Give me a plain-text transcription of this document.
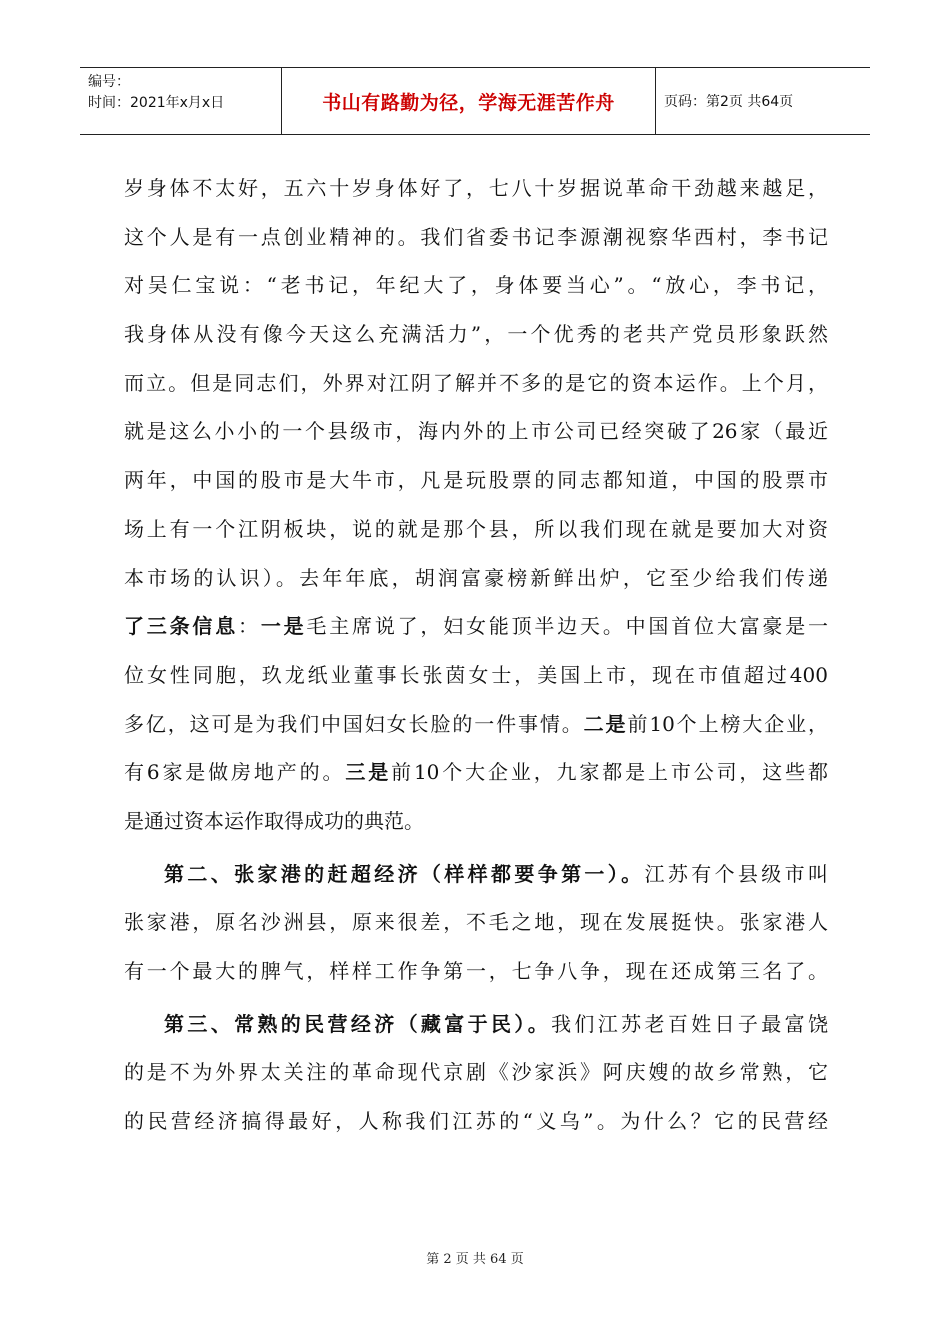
编号：
时间：2021年x月x日	书山有路勤为径，学海无涯苦作舟	页码：第2页 共64页
岁身体不太好，五六十岁身体好了，七八十岁据说革命干劲越来越足，
这个人是有一点创业精神的。我们省委书记李源潮视察华西村，李书记
对吴仁宝说：“老书记，年纪大了，身体要当心”。“放心，李书记，
我身体从没有像今天这么充满活力”，一个优秀的老共产党员形象跃然
而立。但是同志们，外界对江阴了解并不多的是它的资本运作。上个月，
就是这么小小的一个县级市，海内外的上市公司已经突破了26家（最近
两年，中国的股市是大牛市，凡是玩股票的同志都知道，中国的股票市
场上有一个江阴板块，说的就是那个县，所以我们现在就是要加大对资
本市场的认识）。去年年底，胡润富豪榜新鲜出炉，它至少给我们传递
了三条信息：一是毛主席说了，妇女能顶半边天。中国首位大富豪是一
位女性同胞，玖龙纸业董事长张茵女士，美国上市，现在市值超过400
多亿，这可是为我们中国妇女长脸的一件事情。二是前10个上榜大企业，
有6家是做房地产的。三是前10个大企业，九家都是上市公司，这些都
是通过资本运作取得成功的典范。
第二、张家港的赶超经济（样样都要争第一）。江苏有个县级市叫
张家港，原名沙洲县，原来很差，不毛之地，现在发展挺快。张家港人
有一个最大的脾气，样样工作争第一，七争八争，现在还成第三名了。
第三、常熟的民营经济（藏富于民）。我们江苏老百姓日子最富饶
的是不为外界太关注的革命现代京剧《沙家浜》阿庆嫂的故乡常熟，它
的民营经济搞得最好，人称我们江苏的“义乌”。为什么？它的民营经
第 2 页 共 64 页
